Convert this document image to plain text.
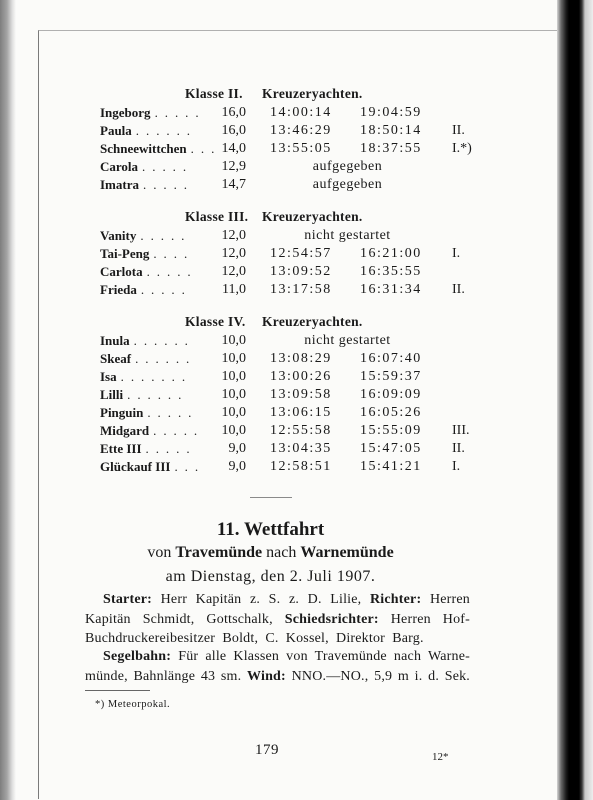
Klasse II. Kreuzeryachten.
Ingeborg . . . . .	16,0 14:00:14 19:04:59
Paula . . . . . .	16,0 13:46:29 18:50:14 II.
Schneewittchen . . . 14,0 13:55:05 18:37:55 I.*)
Carola . . . . .	12,9	aufgegeben
Imatra . . . . .	14,7	aufgegeben
Klasse III. Kreuzeryachten.
Vanity . . . . .	12,0	nicht gestartet
Tai-Peng . . . .	12,0 12:54:57 16:21:00 I.
Carlota . . . . .	12,0 13:09:52 16:35:55
Frieda . . . . .	11,0 13:17:58 16:31:34 II.
Klasse IV. Kreuzeryachten.
Inula . . . . . .	10,0	nicht gestartet
Skeaf . . . . . .	10,0 13:08:29 16:07:40
Isa . . . . . . .	10,0 13:00:26 15:59:37
Lilli . . . . . .	10,0 13:09:58 16:09:09
Pinguin . . . . .	10,0 13:06:15 16:05:26
Midgard . . . . .	10,0 12:55:58 15:55:09 III.
Ette III . . . . .	9,0 13:04:35 15:47:05 II.
Glückauf III . . .	9,0 12:58:51 15:41:21 I.
11. Wettfahrt
von Travemünde nach Warnemünde
am Dienstag, den 2. Juli 1907.
Starter: Herr Kapitän z. S. z. D. Lilie, Richter: Herren
Kapitän Schmidt, Gottschalk, Schiedsrichter: Herren Hof-
Buchdruckereibesitzer Boldt, C. Kossel, Direktor Barg.
Segelbahn: Für alle Klassen von Travemünde nach Warne-
münde, Bahnlänge 43 sm. Wind: NNO.—NO., 5,9 m i. d. Sek.
*) Meteorpokal.
179	12*
